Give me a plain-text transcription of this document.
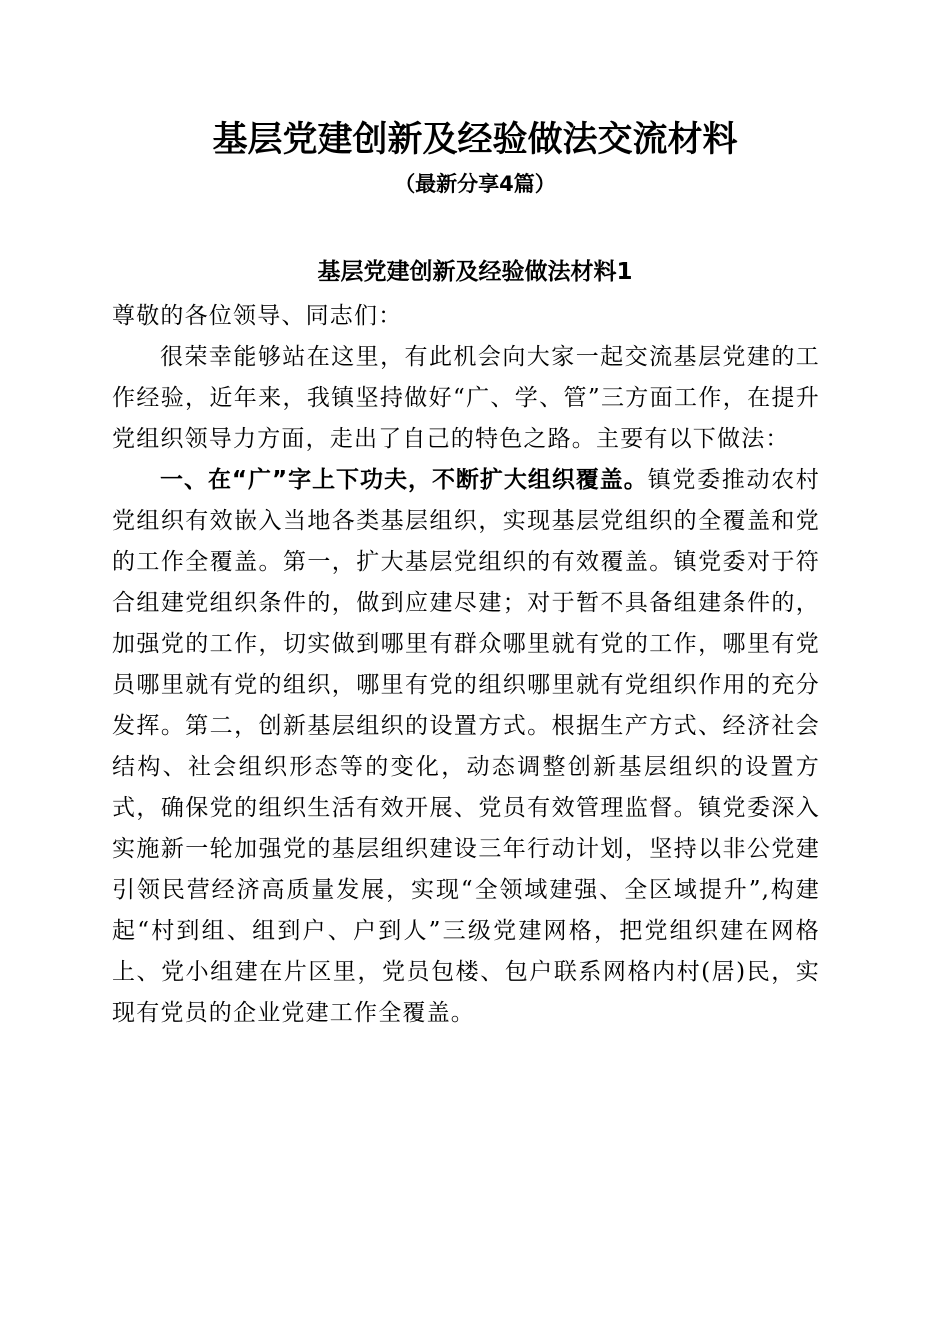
基层党建创新及经验做法交流材料
（最新分享4篇）
基层党建创新及经验做法材料1

尊敬的各位领导、同志们：

很荣幸能够站在这里，有此机会向大家一起交流基层党建的工作经验，近年来，我镇坚持做好“广、学、管”三方面工作，在提升党组织领导力方面，走出了自己的特色之路。主要有以下做法：

一、在“广”字上下功夫，不断扩大组织覆盖。镇党委推动农村党组织有效嵌入当地各类基层组织，实现基层党组织的全覆盖和党的工作全覆盖。第一，扩大基层党组织的有效覆盖。镇党委对于符合组建党组织条件的，做到应建尽建；对于暂不具备组建条件的，加强党的工作，切实做到哪里有群众哪里就有党的工作，哪里有党员哪里就有党的组织，哪里有党的组织哪里就有党组织作用的充分发挥。第二，创新基层组织的设置方式。根据生产方式、经济社会结构、社会组织形态等的变化，动态调整创新基层组织的设置方式，确保党的组织生活有效开展、党员有效管理监督。镇党委深入实施新一轮加强党的基层组织建设三年行动计划，坚持以非公党建引领民营经济高质量发展，实现“全领域建强、全区域提升”,构建起“村到组、组到户、户到人”三级党建网格，把党组织建在网格上、党小组建在片区里，党员包楼、包户联系网格内村(居)民，实现有党员的企业党建工作全覆盖。
